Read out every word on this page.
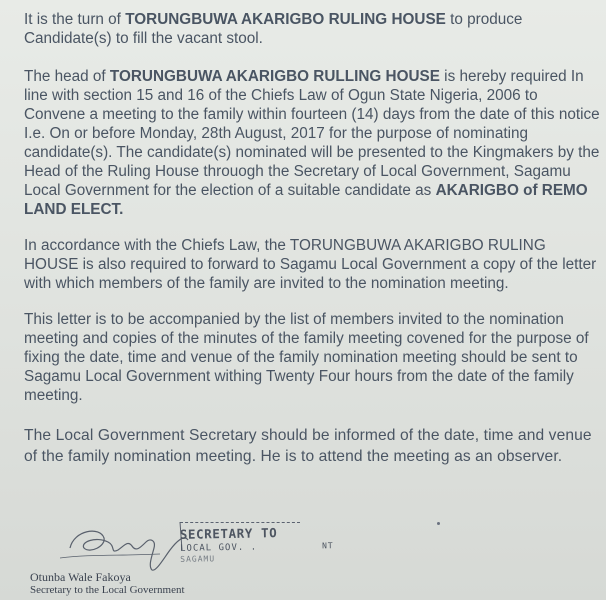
It is the turn of TORUNGBUWA AKARIGBO RULING HOUSE to produce Candidate(s) to fill the vacant stool.

The head of TORUNGBUWA AKARIGBO RULLING HOUSE is hereby required In line with section 15 and 16 of the Chiefs Law of Ogun State Nigeria, 2006 to Convene a meeting to the family within fourteen (14) days from the date of this notice I.e. On or before Monday, 28th August, 2017 for the purpose of nominating candidate(s). The candidate(s) nominated will be presented to the Kingmakers by the Head of the Ruling House throuogh the Secretary of Local Government, Sagamu Local Government for the election of a suitable candidate as AKARIGBO of REMO LAND ELECT.

In accordance with the Chiefs Law, the TORUNGBUWA AKARIGBO RULING HOUSE is also required to forward to Sagamu Local Government a copy of the letter with which members of the family are invited to the nomination meeting.

This letter is to be accompanied by the list of members invited to the nomination meeting and copies of the minutes of the family meeting covened for the purpose of fixing the date, time and venue of the family nomination meeting should be sent to Sagamu Local Government withing Twenty Four hours from the date of the family meeting.

The Local Government Secretary should be informed of the date, time and venue of the family nomination meeting. He is to attend the meeting as an observer.

SECRETARY TO
LOCAL GOV. .
SAGAMU
NT
Otunba Wale Fakoya
Secretary to the Local Government
